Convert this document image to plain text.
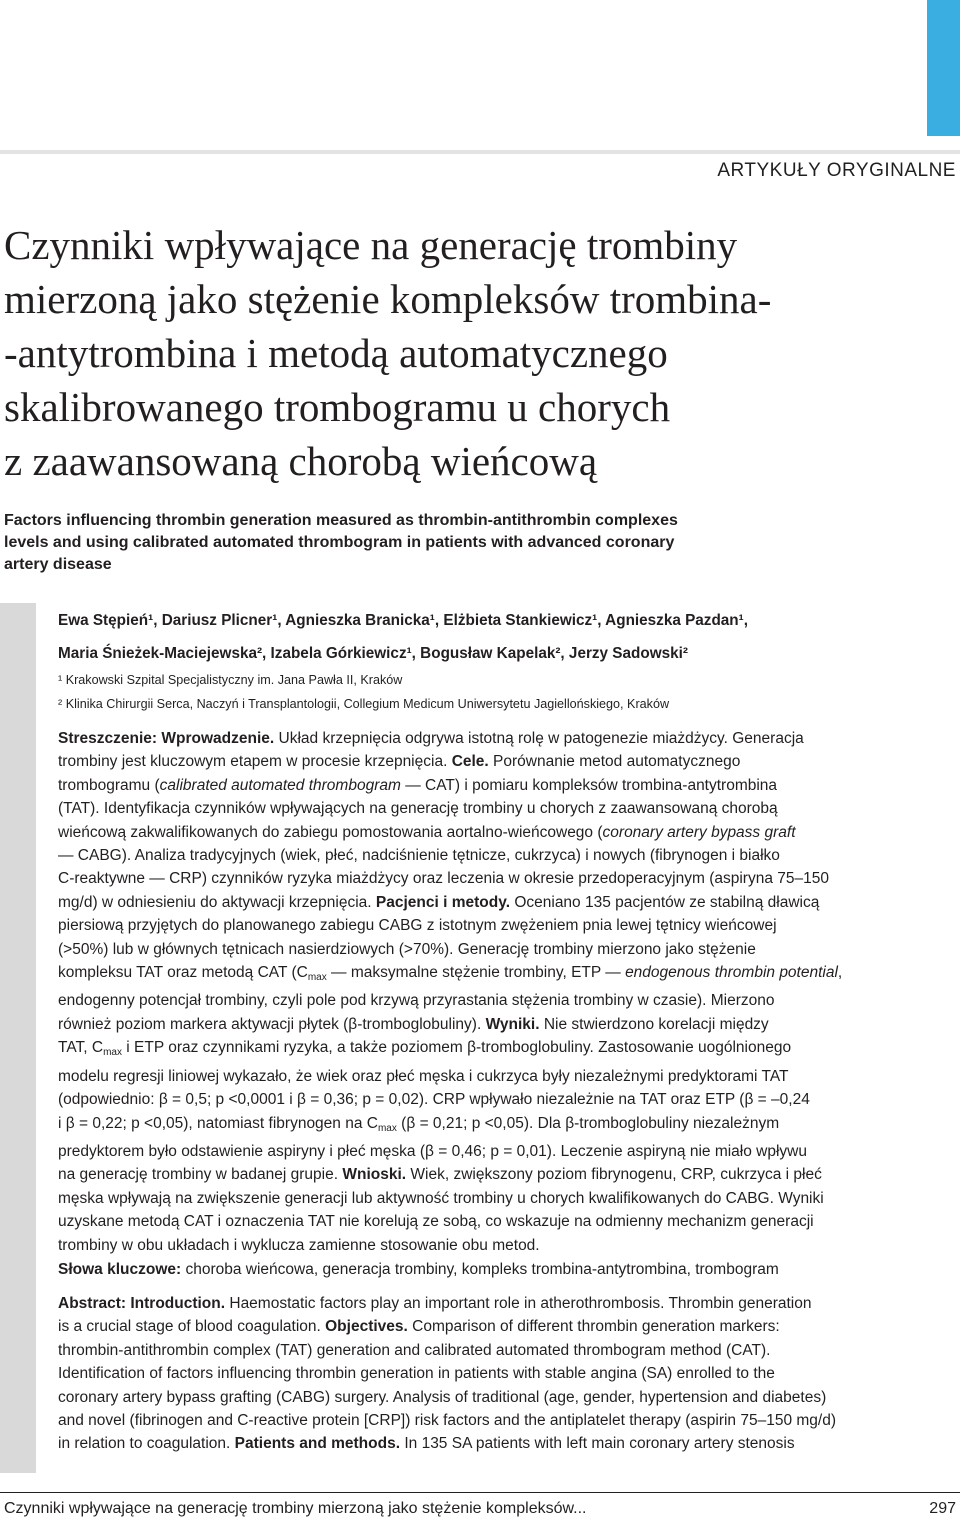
ARTYKUŁY ORYGINALNE
Czynniki wpływające na generację trombiny
mierzoną jako stężenie kompleksów trombina-
-antytrombina i metodą automatycznego
skalibrowanego trombogramu u chorych
z zaawansowaną chorobą wieńcową
Factors influencing thrombin generation measured as thrombin-antithrombin complexes
levels and using calibrated automated thrombogram in patients with advanced coronary
artery disease
Ewa Stępień¹, Dariusz Plicner¹, Agnieszka Branicka¹, Elżbieta Stankiewicz¹, Agnieszka Pazdan¹,
Maria Śnieżek-Maciejewska², Izabela Górkiewicz¹, Bogusław Kapelak², Jerzy Sadowski²
¹ Krakowski Szpital Specjalistyczny im. Jana Pawła II, Kraków
² Klinika Chirurgii Serca, Naczyń i Transplantologii, Collegium Medicum Uniwersytetu Jagiellońskiego, Kraków
Streszczenie: Wprowadzenie. Układ krzepnięcia odgrywa istotną rolę w patogenezie miażdżycy. Generacja
trombiny jest kluczowym etapem w procesie krzepnięcia. Cele. Porównanie metod automatycznego
trombogramu (calibrated automated thrombogram — CAT) i pomiaru kompleksów trombina-antytrombina
(TAT). Identyfikacja czynników wpływających na generację trombiny u chorych z zaawansowaną chorobą
wieńcową zakwalifikowanych do zabiegu pomostowania aortalno-wieńcowego (coronary artery bypass graft
— CABG). Analiza tradycyjnych (wiek, płeć, nadciśnienie tętnicze, cukrzyca) i nowych (fibrynogen i białko
C-reaktywne — CRP) czynników ryzyka miażdżycy oraz leczenia w okresie przedoperacyjnym (aspiryna 75–150
mg/d) w odniesieniu do aktywacji krzepnięcia. Pacjenci i metody. Oceniano 135 pacjentów ze stabilną dławicą
piersiową przyjętych do planowanego zabiegu CABG z istotnym zwężeniem pnia lewej tętnicy wieńcowej
(>50%) lub w głównych tętnicach nasierdziowych (>70%). Generację trombiny mierzono jako stężenie
kompleksu TAT oraz metodą CAT ($C_{max}$ — maksymalne stężenie trombiny, ETP — endogenous thrombin potential,
endogenny potencjał trombiny, czyli pole pod krzywą przyrastania stężenia trombiny w czasie). Mierzono
również poziom markera aktywacji płytek (β-tromboglobuliny). Wyniki. Nie stwierdzono korelacji między
TAT, $C_{max}$ i ETP oraz czynnikami ryzyka, a także poziomem β-tromboglobuliny. Zastosowanie uogólnionego
modelu regresji liniowej wykazało, że wiek oraz płeć męska i cukrzyca były niezależnymi predyktorami TAT
(odpowiednio: β = 0,5; p <0,0001 i β = 0,36; p = 0,02). CRP wpływało niezależnie na TAT oraz ETP (β = –0,24
i β = 0,22; p <0,05), natomiast fibrynogen na $C_{max}$ (β = 0,21; p <0,05). Dla β-tromboglobuliny niezależnym
predyktorem było odstawienie aspiryny i płeć męska (β = 0,46; p = 0,01). Leczenie aspiryną nie miało wpływu
na generację trombiny w badanej grupie. Wnioski. Wiek, zwiększony poziom fibrynogenu, CRP, cukrzyca i płeć
męska wpływają na zwiększenie generacji lub aktywność trombiny u chorych kwalifikowanych do CABG. Wyniki
uzyskane metodą CAT i oznaczenia TAT nie korelują ze sobą, co wskazuje na odmienny mechanizm generacji
trombiny w obu układach i wyklucza zamienne stosowanie obu metod.
Słowa kluczowe: choroba wieńcowa, generacja trombiny, kompleks trombina-antytrombina, trombogram
Abstract: Introduction. Haemostatic factors play an important role in atherothrombosis. Thrombin generation
is a crucial stage of blood coagulation. Objectives. Comparison of different thrombin generation markers:
thrombin-antithrombin complex (TAT) generation and calibrated automated thrombogram method (CAT).
Identification of factors influencing thrombin generation in patients with stable angina (SA) enrolled to the
coronary artery bypass grafting (CABG) surgery. Analysis of traditional (age, gender, hypertension and diabetes)
and novel (fibrinogen and C-reactive protein [CRP]) risk factors and the antiplatelet therapy (aspirin 75–150 mg/d)
in relation to coagulation. Patients and methods. In 135 SA patients with left main coronary artery stenosis
Czynniki wpływające na generację trombiny mierzoną jako stężenie kompleksów...	297
